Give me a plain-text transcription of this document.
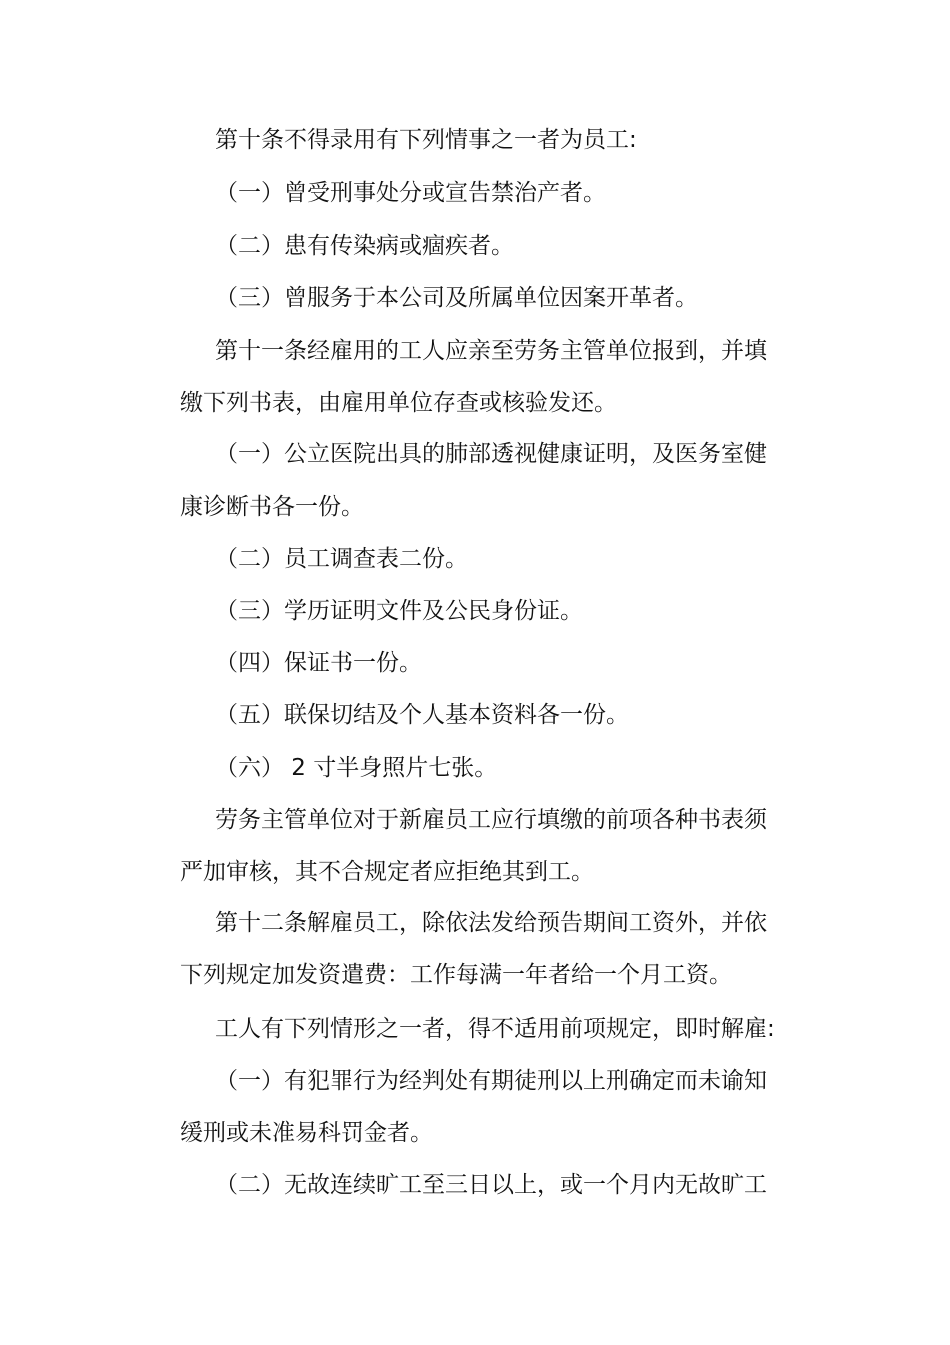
第十条不得录用有下列情事之一者为员工:
（一）曾受刑事处分或宣告禁治产者。
（二）患有传染病或痼疾者。
（三）曾服务于本公司及所属单位因案开革者。
第十一条经雇用的工人应亲至劳务主管单位报到，并填
缴下列书表，由雇用单位存查或核验发还。
（一）公立医院出具的肺部透视健康证明，及医务室健
康诊断书各一份。
（二）员工调查表二份。
（三）学历证明文件及公民身份证。
（四）保证书一份。
（五）联保切结及个人基本资料各一份。
（六） 2 寸半身照片七张。
劳务主管单位对于新雇员工应行填缴的前项各种书表须
严加审核，其不合规定者应拒绝其到工。
第十二条解雇员工，除依法发给预告期间工资外，并依
下列规定加发资遣费：工作每满一年者给一个月工资。
工人有下列情形之一者，得不适用前项规定，即时解雇:
（一）有犯罪行为经判处有期徒刑以上刑确定而未谕知
缓刑或未准易科罚金者。
（二）无故连续旷工至三日以上，或一个月内无故旷工
